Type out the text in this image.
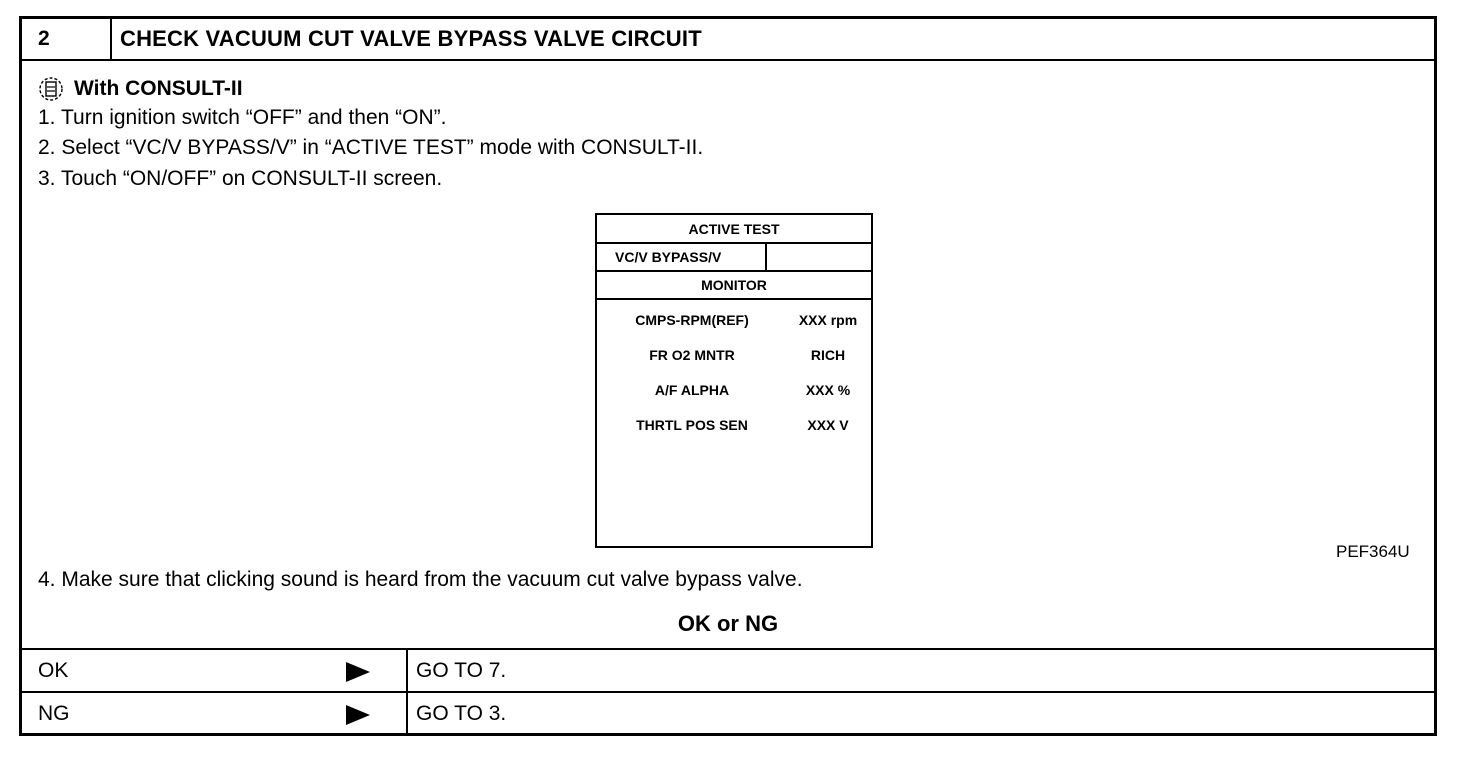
2	CHECK VACUUM CUT VALVE BYPASS VALVE CIRCUIT
With CONSULT-II
1. Turn ignition switch “OFF” and then “ON”.
2. Select “VC/V BYPASS/V” in “ACTIVE TEST” mode with CONSULT-II.
3. Touch “ON/OFF” on CONSULT-II screen.
ACTIVE TEST
VC/V BYPASS/V
MONITOR
CMPS-RPM(REF)	XXX rpm
FR O2 MNTR	RICH
A/F ALPHA	XXX %
THRTL POS SEN	XXX V
PEF364U
4. Make sure that clicking sound is heard from the vacuum cut valve bypass valve.
OK or NG
OK	GO TO 7.
NG	GO TO 3.
